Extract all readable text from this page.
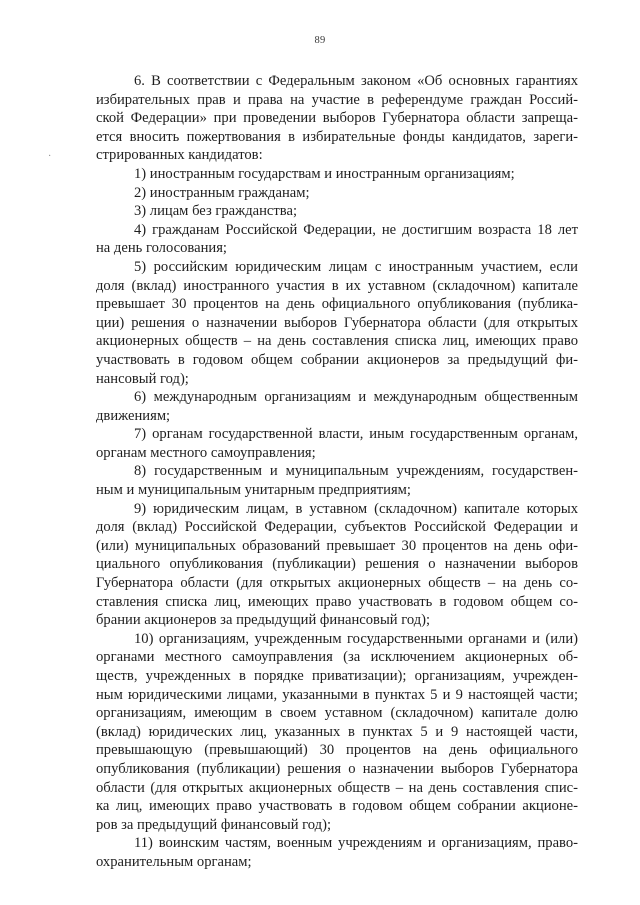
89
·
6. В соответствии с Федеральным законом «Об основных гарантиях
избирательных прав и права на участие в референдуме граждан Россий-
ской Федерации» при проведении выборов Губернатора области запреща-
ется вносить пожертвования в избирательные фонды кандидатов, зареги-
стрированных кандидатов:
1) иностранным государствам и иностранным организациям;
2) иностранным гражданам;
3) лицам без гражданства;
4) гражданам Российской Федерации, не достигшим возраста 18 лет
на день голосования;
5) российским юридическим лицам с иностранным участием, если
доля (вклад) иностранного участия в их уставном (складочном) капитале
превышает 30 процентов на день официального опубликования (публика-
ции) решения о назначении выборов Губернатора области (для открытых
акционерных обществ – на день составления списка лиц, имеющих право
участвовать в годовом общем собрании акционеров за предыдущий фи-
нансовый год);
6) международным организациям и международным общественным
движениям;
7) органам государственной власти, иным государственным органам,
органам местного самоуправления;
8) государственным и муниципальным учреждениям, государствен-
ным и муниципальным унитарным предприятиям;
9) юридическим лицам, в уставном (складочном) капитале которых
доля (вклад) Российской Федерации, субъектов Российской Федерации и
(или) муниципальных образований превышает 30 процентов на день офи-
циального опубликования (публикации) решения о назначении выборов
Губернатора области (для открытых акционерных обществ – на день со-
ставления списка лиц, имеющих право участвовать в годовом общем со-
брании акционеров за предыдущий финансовый год);
10) организациям, учрежденным государственными органами и (или)
органами местного самоуправления (за исключением акционерных об-
ществ, учрежденных в порядке приватизации); организациям, учрежден-
ным юридическими лицами, указанными в пунктах 5 и 9 настоящей части;
организациям, имеющим в своем уставном (складочном) капитале долю
(вклад) юридических лиц, указанных в пунктах 5 и 9 настоящей части,
превышающую (превышающий) 30 процентов на день официального
опубликования (публикации) решения о назначении выборов Губернатора
области (для открытых акционерных обществ – на день составления спис-
ка лиц, имеющих право участвовать в годовом общем собрании акционе-
ров за предыдущий финансовый год);
11) воинским частям, военным учреждениям и организациям, право-
охранительным органам;
